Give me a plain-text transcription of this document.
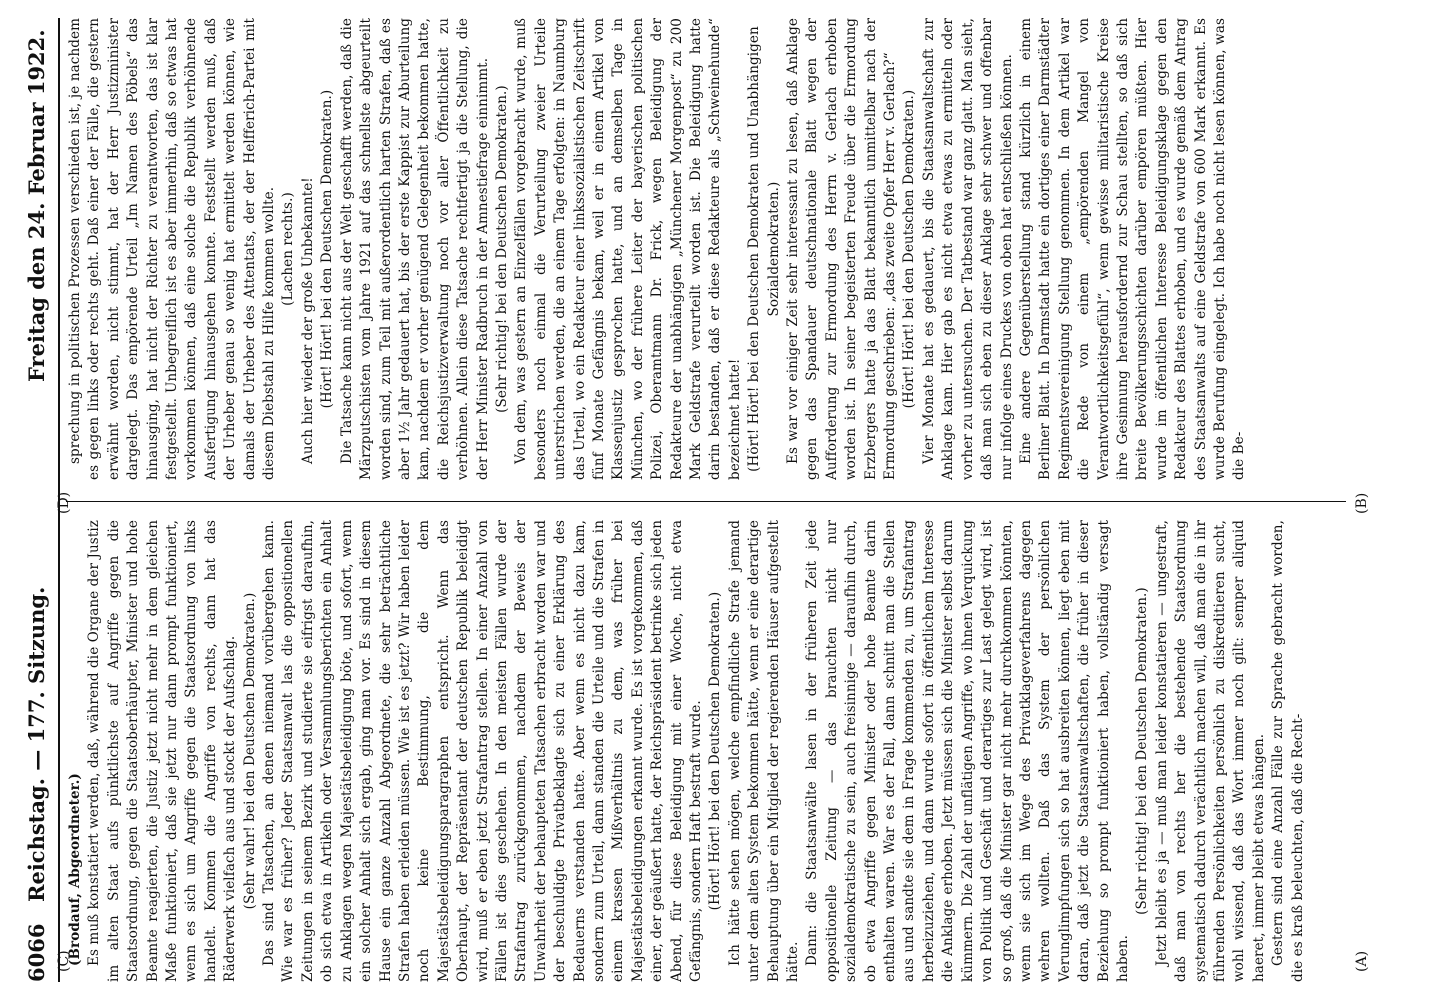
6066
Reichstag. — 177. Sitzung.
Freitag den 24. Februar 1922.
(C)
(D)
(A)
(B)

(Brodauf, Abgeordneter.) Es muß konstatiert werden, daß, während die Organe der Justiz im alten Staat aufs pünktlichste auf Angriffe gegen die Staatsordnung, gegen die Staatsoberhäupter, Minister und hohe Beamte reagierten, die Justiz jetzt nicht mehr in dem gleichen Maße funktioniert, daß sie jetzt nur dann prompt funktioniert, wenn es sich um Angriffe gegen die Staatsordnung von links handelt. Kommen die Angriffe von rechts, dann hat das Räderwerk vielfach aus und stockt der Aufschlag. (Sehr wahr! bei den Deutschen Demokraten.) Das sind Tatsachen, an denen niemand vorübergehen kann. Wie war es früher? Jeder Staatsanwalt las die oppositionellen Zeitungen in seinem Bezirk und studierte sie eifrigst daraufhin, ob sich etwa in Artikeln oder Versammlungsberichten ein Anhalt zu Anklagen wegen Majestätsbeleidigung böte, und sofort, wenn ein solcher Anhalt sich ergab, ging man vor. Es sind in diesem Hause ein ganze Anzahl Abgeordnete, die sehr beträchtliche Strafen haben erleiden müssen. Wie ist es jetzt? Wir haben leider noch keine Bestimmung, die dem Majestätsbeleidigungsparagraphen entspricht. Wenn das Oberhaupt, der Repräsentant der deutschen Republik beleidigt wird, muß er eben jetzt Strafantrag stellen. In einer Anzahl von Fällen ist dies geschehen. In den meisten Fällen wurde der Strafantrag zurückgenommen, nachdem der Beweis der Unwahrheit der behaupteten Tatsachen erbracht worden war und der beschuldigte Privatbeklagte sich zu einer Erklärung des Bedauerns verstanden hatte. Aber wenn es nicht dazu kam, sondern zum Urteil, dann standen die Urteile und die Strafen in einem krassen Mißverhältnis zu dem, was früher bei Majestätsbeleidigungen erkannt wurde. Es ist vorgekommen, daß einer, der geäußert hatte, der Reichspräsident betrinke sich jeden Abend, für diese Beleidigung mit einer Woche, nicht etwa Gefängnis, sondern Haft bestraft wurde. (Hört! Hört! bei den Deutschen Demokraten.) Ich hätte sehen mögen, welche empfindliche Strafe jemand unter dem alten System bekommen hätte, wenn er eine derartige Behauptung über ein Mitglied der regierenden Häuser aufgestellt hätte. Dann: die Staatsanwälte lasen in der früheren Zeit jede oppositionelle Zeitung — das brauchten nicht nur sozialdemokratische zu sein, auch freisinnige — daraufhin durch, ob etwa Angriffe gegen Minister oder hohe Beamte darin enthalten waren. War es der Fall, dann schnitt man die Stellen aus und sandte sie dem in Frage kommenden zu, um Strafantrag herbeizuziehen, und dann wurde sofort in öffentlichem Interesse die Anklage erhoben. Jetzt müssen sich die Minister selbst darum kümmern. Die Zahl der unflätigen Angriffe, wo ihnen Verquickung von Politik und Geschäft und derartiges zur Last gelegt wird, ist so groß, daß die Minister gar nicht mehr durchkommen könnten, wenn sie sich im Wege des Privatklageverfahrens dagegen wehren wollten. Daß das System der persönlichen Verunglimpfungen sich so hat ausbreiten können, liegt eben mit daran, daß jetzt die Staatsanwaltschaften, die früher in dieser Beziehung so prompt funktioniert haben, vollständig versagt haben.

(Sehr richtig! bei den Deutschen Demokraten.) Jetzt bleibt es ja — muß man leider konstatieren — ungestraft, daß man von rechts her die bestehende Staatsordnung systematisch dadurch verächtlich machen will, daß man die in ihr führenden Persönlichkeiten persönlich zu diskreditieren sucht, wohl wissend, daß das Wort immer noch gilt: semper aliquid haeret, immer bleibt etwas hängen. Gestern sind eine Anzahl Fälle zur Sprache gebracht worden, die es kraß beleuchten, daß die Recht-

sprechung in politischen Prozessen verschieden ist, je nachdem es gegen links oder rechts geht. Daß einer der Fälle, die gestern erwähnt worden, nicht stimmt, hat der Herr Justizminister dargelegt. Das empörende Urteil „Im Namen des Pöbels“ das hinausging, hat nicht der Richter zu verantworten, das ist klar festgestellt. Unbegreiflich ist es aber immerhin, daß so etwas hat vorkommen können, daß eine solche die Republik verhöhnende Ausfertigung hinausgehen konnte. Feststellt werden muß, daß der Urheber genau so wenig hat ermittelt werden können, wie damals der Urheber des Attentats, der der Helfferich-Partei mit diesem Diebstahl zu Hilfe kommen wollte. (Lachen rechts.) Auch hier wieder der große Unbekannte! (Hört! Hört! bei den Deutschen Demokraten.) Die Tatsache kann nicht aus der Welt geschafft werden, daß die Märzputschisten vom Jahre 1921 auf das schnellste abgeurteilt worden sind, zum Teil mit außerordentlich harten Strafen, daß es aber 1½ Jahr gedauert hat, bis der erste Kappist zur Aburteilung kam, nachdem er vorher genügend Gelegenheit bekommen hatte, die Reichsjustizverwaltung noch vor aller Öffentlichkeit zu verhöhnen. Allein diese Tatsache rechtfertigt ja die Stellung, die der Herr Minister Radbruch in der Amnestiefrage einnimmt. (Sehr richtig! bei den Deutschen Demokraten.) Von dem, was gestern an Einzelfällen vorgebracht wurde, muß besonders noch einmal die Verurteilung zweier Urteile unterstrichen werden, die an einem Tage erfolgten: in Naumburg das Urteil, wo ein Redakteur einer linkssozialistischen Zeitschrift fünf Monate Gefängnis bekam, weil er in einem Artikel von Klassenjustiz gesprochen hatte, und an demselben Tage in München, wo der frühere Leiter der bayerischen politischen Polizei, Oberamtmann Dr. Frick, wegen Beleidigung der Redakteure der unabhängigen „Münchener Morgenpost“ zu 200 Mark Geldstrafe verurteilt worden ist. Die Beleidigung hatte darin bestanden, daß er diese Redakteure als „Schweinehunde“ bezeichnet hatte! (Hört! Hört! bei den Deutschen Demokraten und Unabhängigen Sozialdemokraten.) Es war vor einiger Zeit sehr interessant zu lesen, daß Anklage gegen das Spandauer deutschnationale Blatt wegen der Aufforderung zur Ermordung des Herrn v. Gerlach erhoben worden ist. In seiner begeisterten Freude über die Ermordung Erzbergers hatte ja das Blatt bekanntlich unmittelbar nach der Ermordung geschrieben: „das zweite Opfer Herr v. Gerlach?“ (Hört! Hört! bei den Deutschen Demokraten.) Vier Monate hat es gedauert, bis die Staatsanwaltschaft zur Anklage kam. Hier gab es nicht etwa etwas zu ermitteln oder vorher zu untersuchen. Der Tatbestand war ganz glatt. Man sieht, daß man sich eben zu dieser Anklage sehr schwer und offenbar nur infolge eines Druckes von oben hat entschließen können. Eine andere Gegenüberstellung stand kürzlich in einem Berliner Blatt. In Darmstadt hatte ein dortiges einer Darmstädter Regimentsvereinigung Stellung genommen. In dem Artikel war die Rede von einem „empörenden Mangel von Verantwortlichkeitsgefühl“, wenn gewisse militaristische Kreise ihre Gesinnung herausfordernd zur Schau stellten, so daß sich breite Bevölkerungsschichten darüber empören müßten. Hier wurde im öffentlichen Interesse Beleidigungsklage gegen den Redakteur des Blattes erhoben, und es wurde gemäß dem Antrag des Staatsanwalts auf eine Geldstrafe von 600 Mark erkannt. Es wurde Berufung eingelegt. Ich habe noch nicht lesen können, was die Be-
